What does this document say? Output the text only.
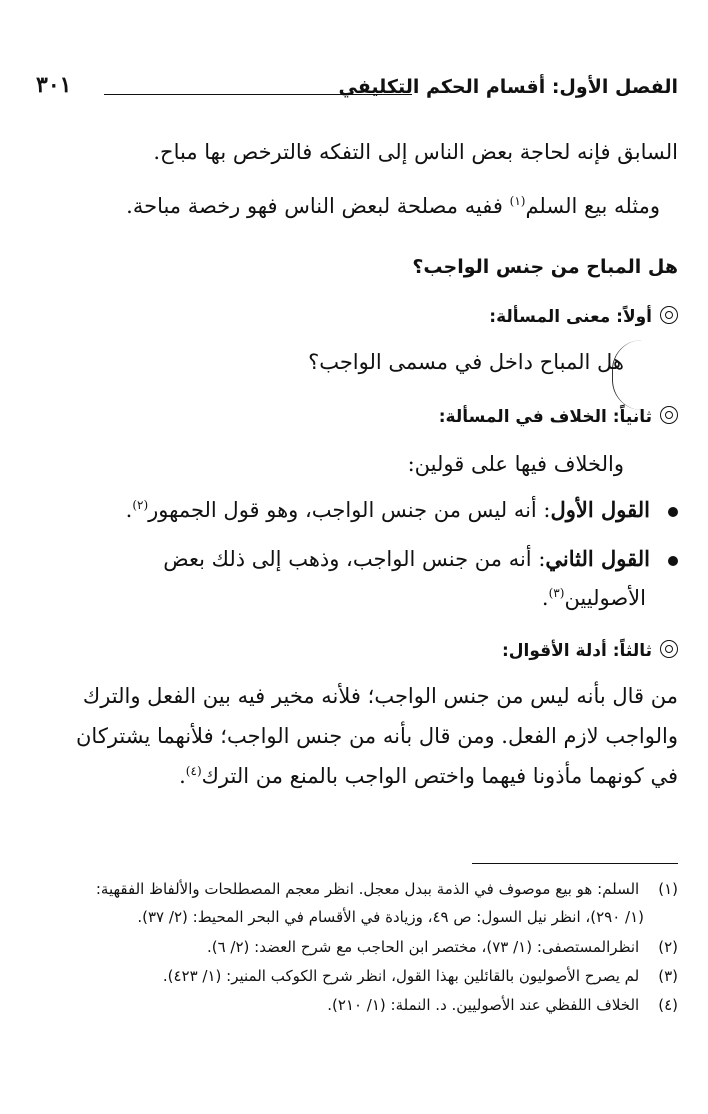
الفصل الأول: أقسام الحكم التكليفي
٣٠١
السابق فإنه لحاجة بعض الناس إلى التفكه فالترخص بها مباح.
ومثله بيع السلم$^{(١)}$ ففيه مصلحة لبعض الناس فهو رخصة مباحة.
هل المباح من جنس الواجب؟
أولاً: معنى المسألة:
هل المباح داخل في مسمى الواجب؟
ثانياً: الخلاف في المسألة:
والخلاف فيها على قولين:
القول الأول: أنه ليس من جنس الواجب، وهو قول الجمهور$^{(٢)}$.
القول الثاني: أنه من جنس الواجب، وذهب إلى ذلك بعض
الأصوليين$^{(٣)}$.
ثالثاً: أدلة الأقوال:
من قال بأنه ليس من جنس الواجب؛ فلأنه مخير فيه بين الفعل والترك
والواجب لازم الفعل. ومن قال بأنه من جنس الواجب؛ فلأنهما يشتركان
في كونهما مأذونا فيهما واختص الواجب بالمنع من الترك$^{(٤)}$.
(١) السلم: هو بيع موصوف في الذمة ببدل معجل. انظر معجم المصطلحات والألفاظ الفقهية:
(١/ ٢٩٠)، انظر نيل السول: ص ٤٩، وزيادة في الأقسام في البحر المحيط: (٢/ ٣٧).
(٢) انظرالمستصفى: (١/ ٧٣)، مختصر ابن الحاجب مع شرح العضد: (٢/ ٦).
(٣) لم يصرح الأصوليون بالقائلين بهذا القول، انظر شرح الكوكب المنير: (١/ ٤٢٣).
(٤) الخلاف اللفظي عند الأصوليين. د. النملة: (١/ ٢١٠).
